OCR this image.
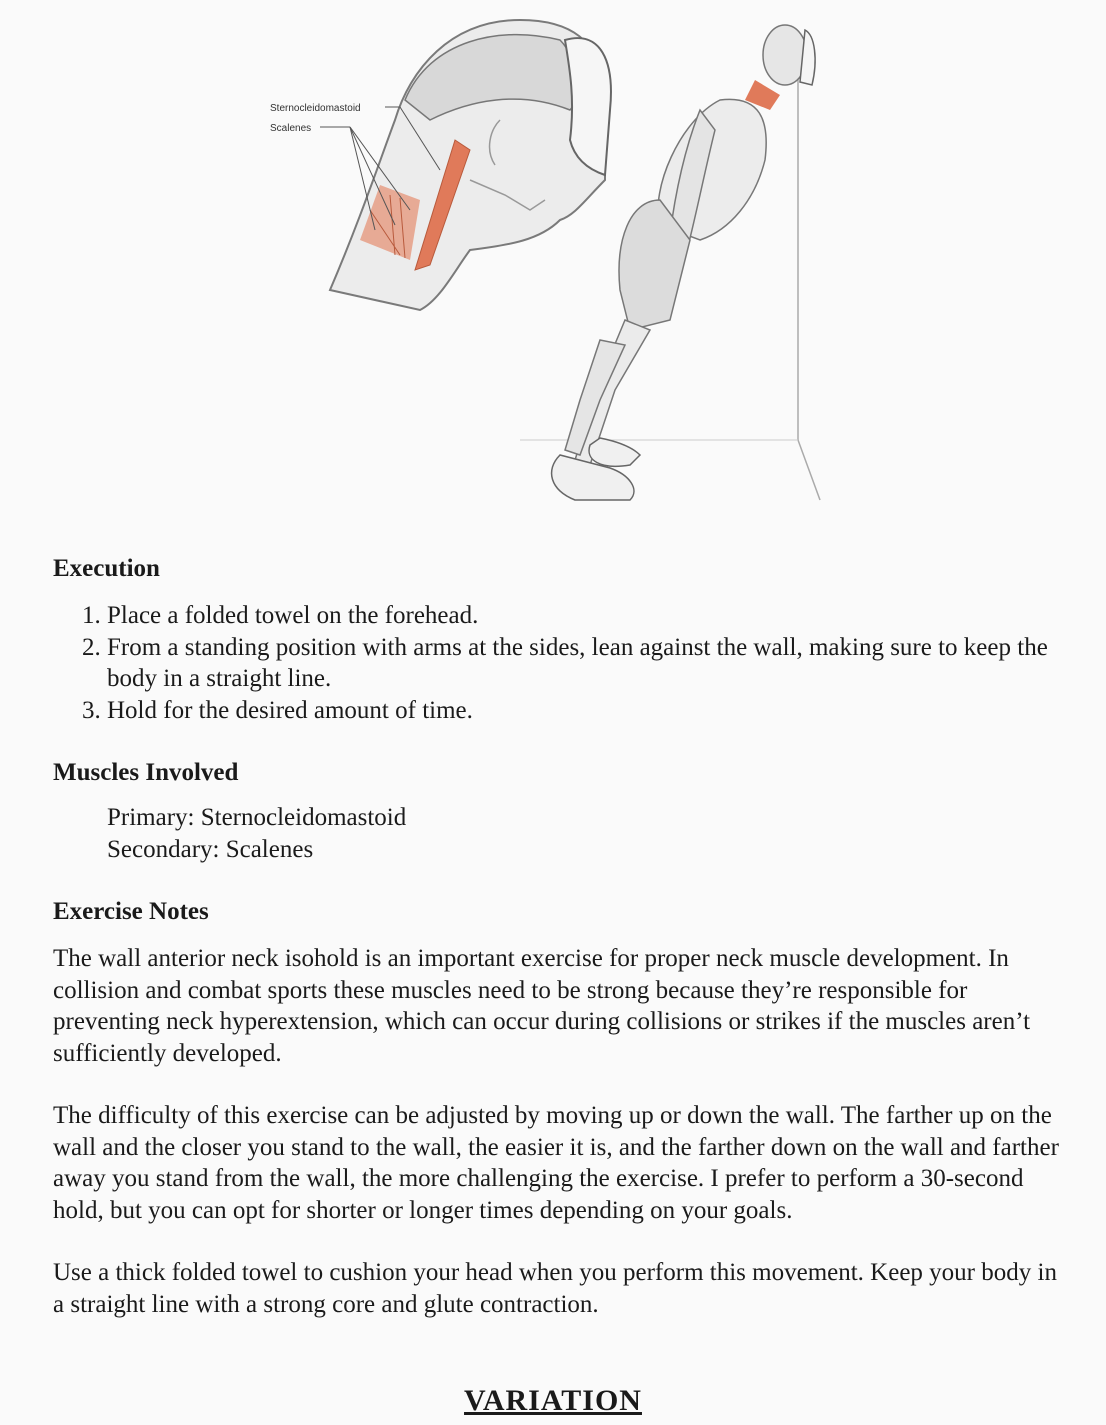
Sternocleidomastoid
Scalenes
Execution
1. Place a folded towel on the forehead.
2. From a standing position with arms at the sides, lean against the wall, making sure to keep the body in a straight line.
3. Hold for the desired amount of time.
Muscles Involved
Primary: Sternocleidomastoid
Secondary: Scalenes
Exercise Notes

The wall anterior neck isohold is an important exercise for proper neck muscle development. In collision and combat sports these muscles need to be strong because they’re responsible for preventing neck hyperextension, which can occur during collisions or strikes if the muscles aren’t sufficiently developed.

The difficulty of this exercise can be adjusted by moving up or down the wall. The farther up on the wall and the closer you stand to the wall, the easier it is, and the farther down on the wall and farther away you stand from the wall, the more challenging the exercise. I prefer to perform a 30-second hold, but you can opt for shorter or longer times depending on your goals.

Use a thick folded towel to cushion your head when you perform this movement. Keep your body in a straight line with a strong core and glute contraction.

VARIATION
